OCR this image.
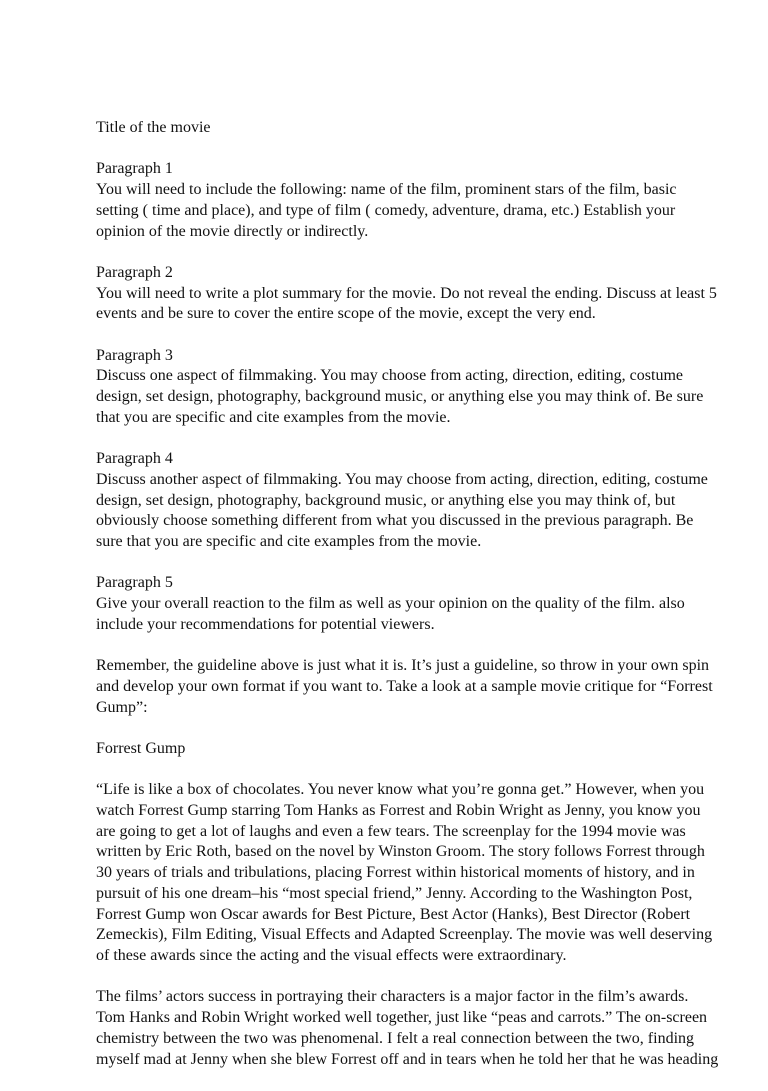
Title of the movie
Paragraph 1
You will need to include the following: name of the film, prominent stars of the film, basic
setting ( time and place), and type of film ( comedy, adventure, drama, etc.) Establish your
opinion of the movie directly or indirectly.
Paragraph 2
You will need to write a plot summary for the movie. Do not reveal the ending. Discuss at least 5
events and be sure to cover the entire scope of the movie, except the very end.
Paragraph 3
Discuss one aspect of filmmaking. You may choose from acting, direction, editing, costume
design, set design, photography, background music, or anything else you may think of. Be sure
that you are specific and cite examples from the movie.
Paragraph 4
Discuss another aspect of filmmaking. You may choose from acting, direction, editing, costume
design, set design, photography, background music, or anything else you may think of, but
obviously choose something different from what you discussed in the previous paragraph. Be
sure that you are specific and cite examples from the movie.
Paragraph 5
Give your overall reaction to the film as well as your opinion on the quality of the film. also
include your recommendations for potential viewers.
Remember, the guideline above is just what it is. It’s just a guideline, so throw in your own spin
and develop your own format if you want to. Take a look at a sample movie critique for “Forrest
Gump”:
Forrest Gump
“Life is like a box of chocolates. You never know what you’re gonna get.” However, when you
watch Forrest Gump starring Tom Hanks as Forrest and Robin Wright as Jenny, you know you
are going to get a lot of laughs and even a few tears. The screenplay for the 1994 movie was
written by Eric Roth, based on the novel by Winston Groom. The story follows Forrest through
30 years of trials and tribulations, placing Forrest within historical moments of history, and in
pursuit of his one dream–his “most special friend,” Jenny. According to the Washington Post,
Forrest Gump won Oscar awards for Best Picture, Best Actor (Hanks), Best Director (Robert
Zemeckis), Film Editing, Visual Effects and Adapted Screenplay. The movie was well deserving
of these awards since the acting and the visual effects were extraordinary.
The films’ actors success in portraying their characters is a major factor in the film’s awards.
Tom Hanks and Robin Wright worked well together, just like “peas and carrots.” The on-screen
chemistry between the two was phenomenal. I felt a real connection between the two, finding
myself mad at Jenny when she blew Forrest off and in tears when he told her that he was heading
